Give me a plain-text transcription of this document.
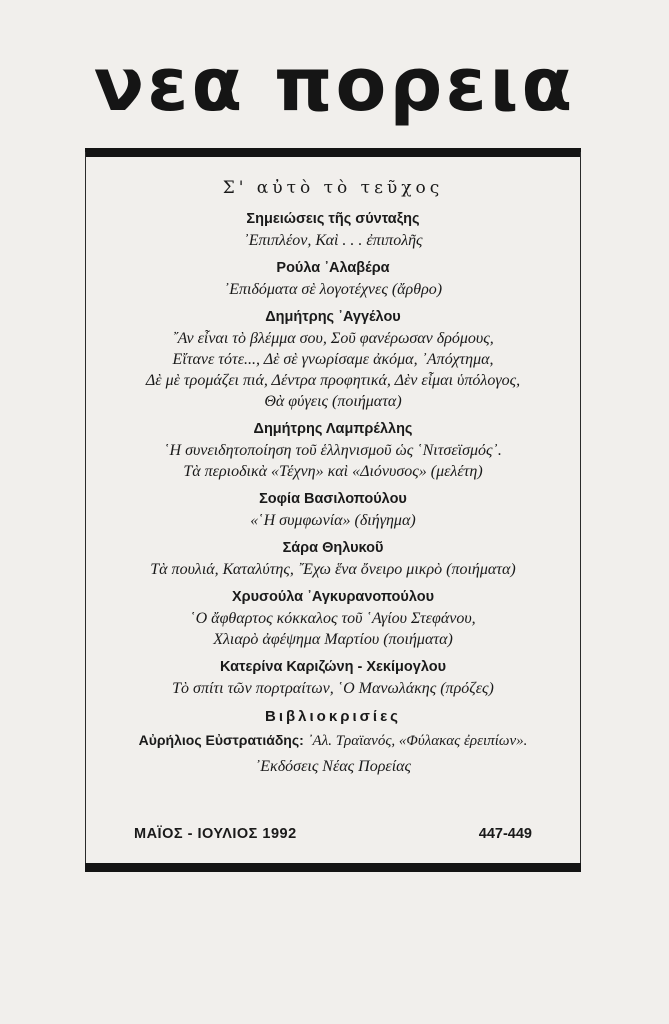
νεα πορεια

Σ' αὐτὸ τὸ τεῦχος

Σημειώσεις τῆς σύνταξης

᾿Επιπλέον, Καὶ . . . ἐπιπολῆς

Ρούλα ᾿Αλαβέρα

᾿Επιδόματα σὲ λογοτέχνες (ἄρθρο)

Δημήτρης ᾿Αγγέλου

῎Αν εἶναι τὸ βλέμμα σου, Σοῦ φανέρωσαν δρόμους,

Εἴτανε τότε..., Δὲ σὲ γνωρίσαμε ἀκόμα, ᾿Απόχτημα,

Δὲ μὲ τρομάζει πιά, Δέντρα προφητικά, Δὲν εἶμαι ὑπόλογος,

Θὰ φύγεις (ποιήματα)

Δημήτρης Λαμπρέλλης

῾Η συνειδητοποίηση τοῦ ἑλληνισμοῦ ὡς ῾Νιτσεϊσμός᾿.

Τὰ περιοδικὰ «Τέχνη» καὶ «Διόνυσος» (μελέτη)

Σοφία Βασιλοπούλου

«῾Η συμφωνία» (διήγημα)

Σάρα Θηλυκοῦ

Τὰ πουλιά, Καταλύτης, ῎Εχω ἕνα ὄνειρο μικρὸ (ποιήματα)

Χρυσούλα ᾿Αγκυρανοπούλου

῾Ο ἄφθαρτος κόκκαλος τοῦ ῾Αγίου Στεφάνου,

Χλιαρὸ ἀφέψημα Μαρτίου (ποιήματα)

Κατερίνα Καριζώνη - Χεκίμογλου

Τὸ σπίτι τῶν πορτραίτων, ῾Ο Μανωλάκης (πρόζες)

Βιβλιοκρισίες

Αὐρήλιος Εὐστρατιάδης: ᾿Αλ. Τραϊανός, «Φύλακας ἐρειπίων».

᾿Εκδόσεις Νέας Πορείας

ΜΑΪΟΣ - ΙΟΥΛΙΟΣ 1992	447-449
